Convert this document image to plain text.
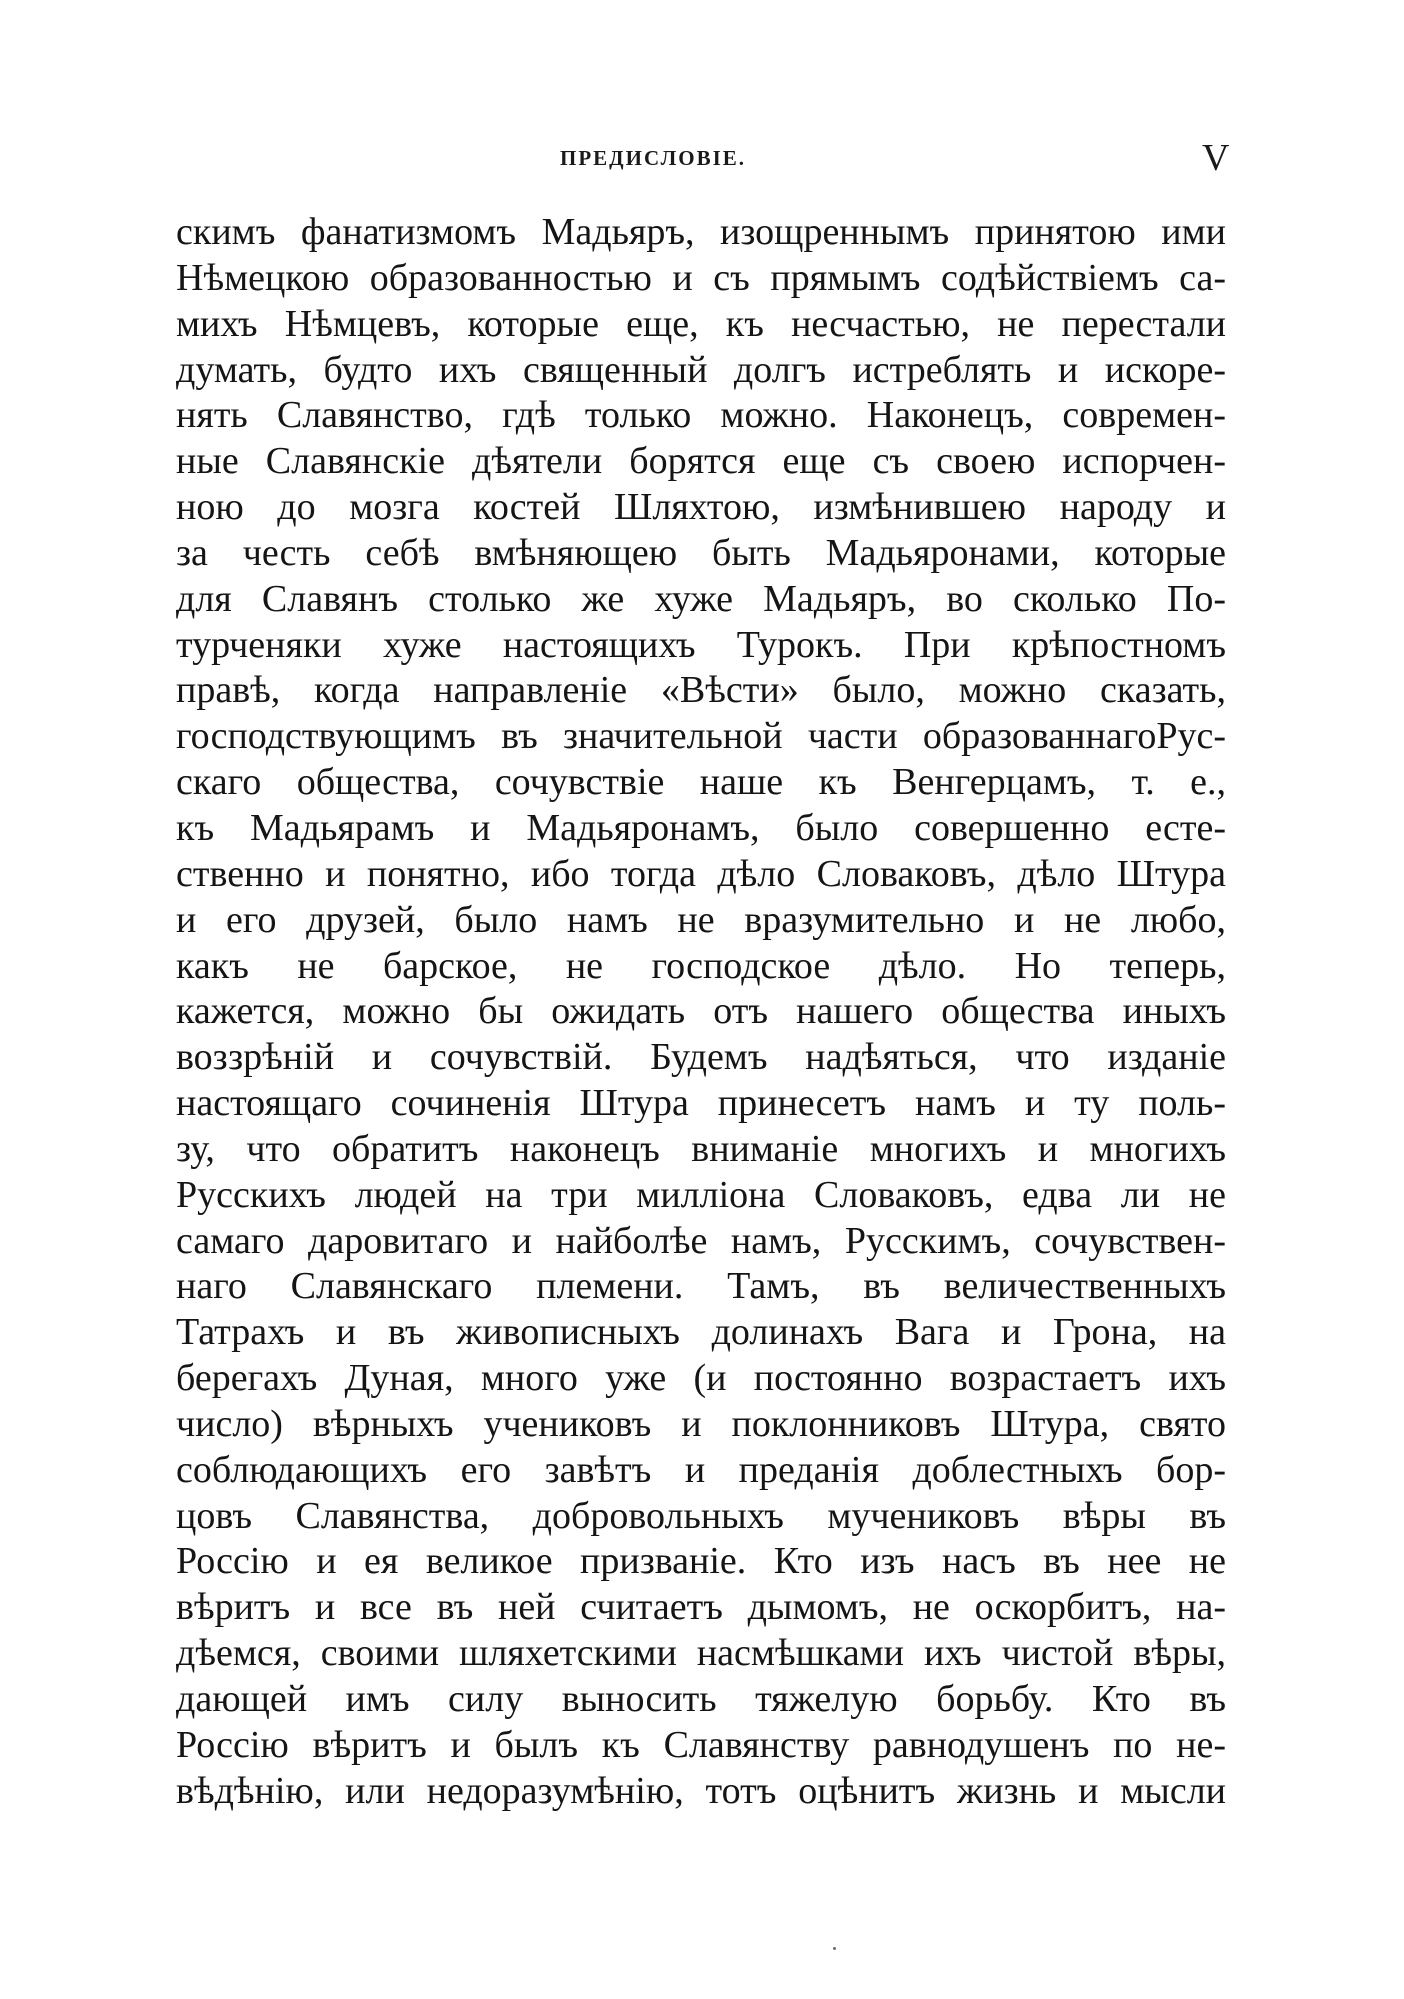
ПРЕДИСЛОВІЕ.	V
скимъ фанатизмомъ Мадьяръ, изощреннымъ принятою ими
Нѣмецкою образованностью и съ прямымъ содѣйствіемъ са-
михъ Нѣмцевъ, которые еще, къ несчастью, не перестали
думать, будто ихъ священный долгъ истреблять и искоре-
нять Славянство, гдѣ только можно. Наконецъ, современ-
ные Славянскіе дѣятели борятся еще съ своею испорчен-
ною до мозга костей Шляхтою, измѣнившею народу и
за честь себѣ вмѣняющею быть Мадьяронами, которые
для Славянъ столько же хуже Мадьяръ, во сколько По-
турченяки хуже настоящихъ Турокъ. При крѣпостномъ
правѣ, когда направленіе «Вѣсти» было, можно сказать,
господствующимъ въ значительной части образованнагоРус-
скаго общества, сочувствіе наше къ Венгерцамъ, т. е.,
къ Мадьярамъ и Мадьяронамъ, было совершенно есте-
ственно и понятно, ибо тогда дѣло Словаковъ, дѣло Штура
и его друзей, было намъ не вразумительно и не любо,
какъ не барское, не господское дѣло. Но теперь,
кажется, можно бы ожидать отъ нашего общества иныхъ
воззрѣній и сочувствій. Будемъ надѣяться, что изданіе
настоящаго сочиненія Штура принесетъ намъ и ту поль-
зу, что обратитъ наконецъ вниманіе многихъ и многихъ
Русскихъ людей на три милліона Словаковъ, едва ли не
самаго даровитаго и найболѣе намъ, Русскимъ, сочувствен-
наго Славянскаго племени. Тамъ, въ величественныхъ
Татрахъ и въ живописныхъ долинахъ Вага и Грона, на
берегахъ Дуная, много уже (и постоянно возрастаетъ ихъ
число) вѣрныхъ учениковъ и поклонниковъ Штура, свято
соблюдающихъ его завѣтъ и преданія доблестныхъ бор-
цовъ Славянства, добровольныхъ мучениковъ вѣры въ
Россію и ея великое призваніе. Кто изъ насъ въ нее не
вѣритъ и все въ ней считаетъ дымомъ, не оскорбитъ, на-
дѣемся, своими шляхетскими насмѣшками ихъ чистой вѣры,
дающей имъ силу выносить тяжелую борьбу. Кто въ
Россію вѣритъ и былъ къ Славянству равнодушенъ по не-
вѣдѣнію, или недоразумѣнію, тотъ оцѣнитъ жизнь и мысли
